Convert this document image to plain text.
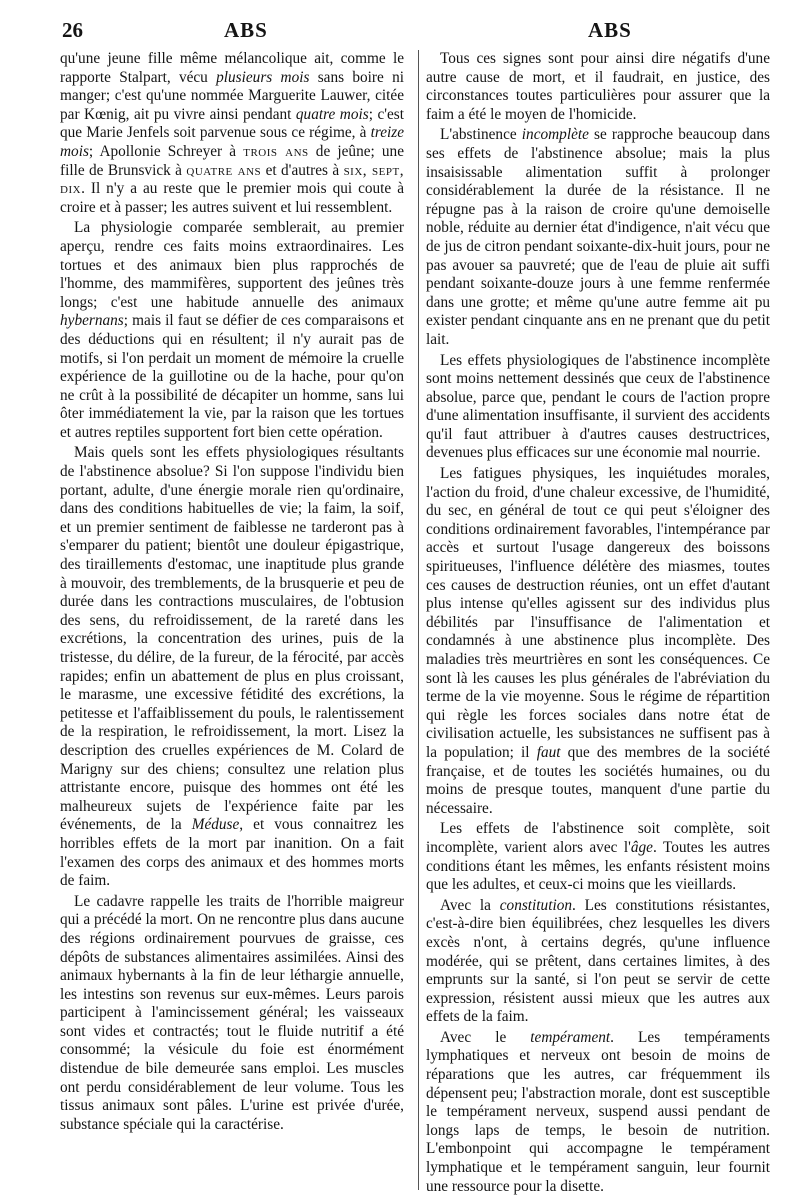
26	ABS	ABS

qu'une jeune fille même mélancolique ait, comme le rapporte Stalpart, vécu plusieurs mois sans boire ni manger; c'est qu'une nommée Marguerite Lauwer, citée par Kœnig, ait pu vivre ainsi pendant quatre mois; c'est que Marie Jenfels soit parvenue sous ce régime, à treize mois; Apollonie Schreyer à trois ans de jeûne; une fille de Brunsvick à quatre ans et d'autres à six, sept, dix. Il n'y a au reste que le premier mois qui coute à croire et à passer; les autres suivent et lui ressemblent.

La physiologie comparée semblerait, au premier aperçu, rendre ces faits moins extraordinaires. Les tortues et des animaux bien plus rapprochés de l'homme, des mammifères, supportent des jeûnes très longs; c'est une habitude annuelle des animaux hybernans; mais il faut se défier de ces comparaisons et des déductions qui en résultent; il n'y aurait pas de motifs, si l'on perdait un moment de mémoire la cruelle expérience de la guillotine ou de la hache, pour qu'on ne crût à la possibilité de décapiter un homme, sans lui ôter immédiatement la vie, par la raison que les tortues et autres reptiles supportent fort bien cette opération.

Mais quels sont les effets physiologiques résultants de l'abstinence absolue? Si l'on suppose l'individu bien portant, adulte, d'une énergie morale rien qu'ordinaire, dans des conditions habituelles de vie; la faim, la soif, et un premier sentiment de faiblesse ne tarderont pas à s'emparer du patient; bientôt une douleur épigastrique, des tiraillements d'estomac, une inaptitude plus grande à mouvoir, des tremblements, de la brusquerie et peu de durée dans les contractions musculaires, de l'obtusion des sens, du refroidissement, de la rareté dans les excrétions, la concentration des urines, puis de la tristesse, du délire, de la fureur, de la férocité, par accès rapides; enfin un abattement de plus en plus croissant, le marasme, une excessive fétidité des excrétions, la petitesse et l'affaiblissement du pouls, le ralentissement de la respiration, le refroidissement, la mort. Lisez la description des cruelles expériences de M. Colard de Marigny sur des chiens; consultez une relation plus attristante encore, puisque des hommes ont été les malheureux sujets de l'expérience faite par les événements, de la Méduse, et vous connaitrez les horribles effets de la mort par inanition. On a fait l'examen des corps des animaux et des hommes morts de faim.

Le cadavre rappelle les traits de l'horrible maigreur qui a précédé la mort. On ne rencontre plus dans aucune des régions ordinairement pourvues de graisse, ces dépôts de substances alimentaires assimilées. Ainsi des animaux hybernants à la fin de leur léthargie annuelle, les intestins son revenus sur eux-mêmes. Leurs parois participent à l'amincissement général; les vaisseaux sont vides et contractés; tout le fluide nutritif a été consommé; la vésicule du foie est énormément distendue de bile demeurée sans emploi. Les muscles ont perdu considérablement de leur volume. Tous les tissus animaux sont pâles. L'urine est privée d'urée, substance spéciale qui la caractérise.

Tous ces signes sont pour ainsi dire négatifs d'une autre cause de mort, et il faudrait, en justice, des circonstances toutes particulières pour assurer que la faim a été le moyen de l'homicide.

L'abstinence incomplète se rapproche beaucoup dans ses effets de l'abstinence absolue; mais la plus insaisissable alimentation suffit à prolonger considérablement la durée de la résistance. Il ne répugne pas à la raison de croire qu'une demoiselle noble, réduite au dernier état d'indigence, n'ait vécu que de jus de citron pendant soixante-dix-huit jours, pour ne pas avouer sa pauvreté; que de l'eau de pluie ait suffi pendant soixante-douze jours à une femme renfermée dans une grotte; et même qu'une autre femme ait pu exister pendant cinquante ans en ne prenant que du petit lait.

Les effets physiologiques de l'abstinence incomplète sont moins nettement dessinés que ceux de l'abstinence absolue, parce que, pendant le cours de l'action propre d'une alimentation insuffisante, il survient des accidents qu'il faut attribuer à d'autres causes destructrices, devenues plus efficaces sur une économie mal nourrie.

Les fatigues physiques, les inquiétudes morales, l'action du froid, d'une chaleur excessive, de l'humidité, du sec, en général de tout ce qui peut s'éloigner des conditions ordinairement favorables, l'intempérance par accès et surtout l'usage dangereux des boissons spiritueuses, l'influence délétère des miasmes, toutes ces causes de destruction réunies, ont un effet d'autant plus intense qu'elles agissent sur des individus plus débilités par l'insuffisance de l'alimentation et condamnés à une abstinence plus incomplète. Des maladies très meurtrières en sont les conséquences. Ce sont là les causes les plus générales de l'abréviation du terme de la vie moyenne. Sous le régime de répartition qui règle les forces sociales dans notre état de civilisation actuelle, les subsistances ne suffisent pas à la population; il faut que des membres de la société française, et de toutes les sociétés humaines, ou du moins de presque toutes, manquent d'une partie du nécessaire.

Les effets de l'abstinence soit complète, soit incomplète, varient alors avec l'âge. Toutes les autres conditions étant les mêmes, les enfants résistent moins que les adultes, et ceux-ci moins que les vieillards.

Avec la constitution. Les constitutions résistantes, c'est-à-dire bien équilibrées, chez lesquelles les divers excès n'ont, à certains degrés, qu'une influence modérée, qui se prêtent, dans certaines limites, à des emprunts sur la santé, si l'on peut se servir de cette expression, résistent aussi mieux que les autres aux effets de la faim.

Avec le tempérament. Les tempéraments lymphatiques et nerveux ont besoin de moins de réparations que les autres, car fréquemment ils dépensent peu; l'abstraction morale, dont est susceptible le tempérament nerveux, suspend aussi pendant de longs laps de temps, le besoin de nutrition. L'embonpoint qui accompagne le tempérament lymphatique et le tempérament sanguin, leur fournit une ressource pour la disette.
